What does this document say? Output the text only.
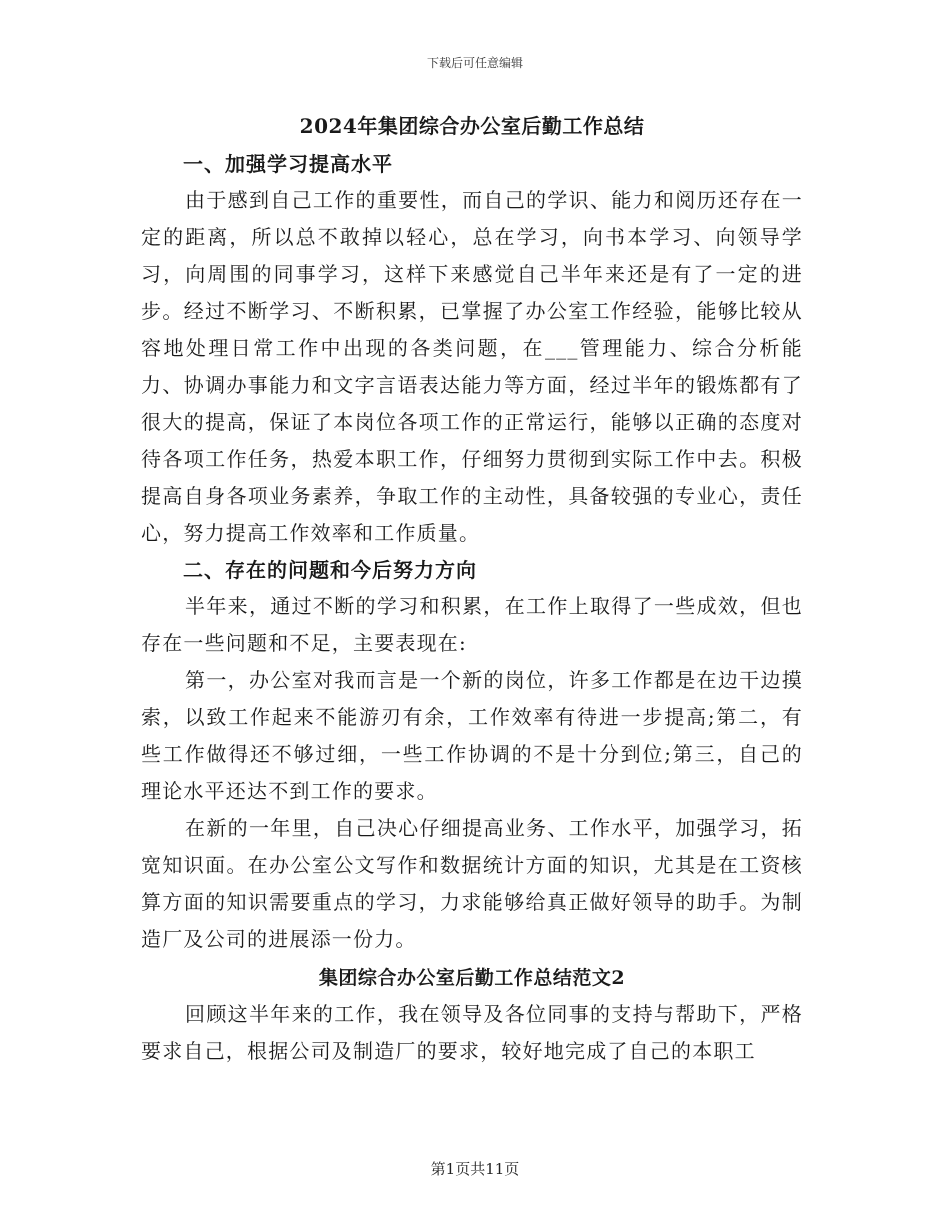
下载后可任意编辑
2024年集团综合办公室后勤工作总结

一、加强学习提高水平

由于感到自己工作的重要性，而自己的学识、能力和阅历还存在一定的距离，所以总不敢掉以轻心，总在学习，向书本学习、向领导学习，向周围的同事学习，这样下来感觉自己半年来还是有了一定的进步。经过不断学习、不断积累，已掌握了办公室工作经验，能够比较从容地处理日常工作中出现的各类问题，在___管理能力、综合分析能力、协调办事能力和文字言语表达能力等方面，经过半年的锻炼都有了很大的提高，保证了本岗位各项工作的正常运行，能够以正确的态度对待各项工作任务，热爱本职工作，仔细努力贯彻到实际工作中去。积极提高自身各项业务素养，争取工作的主动性，具备较强的专业心，责任心，努力提高工作效率和工作质量。

二、存在的问题和今后努力方向

半年来，通过不断的学习和积累，在工作上取得了一些成效，但也存在一些问题和不足，主要表现在:

第一，办公室对我而言是一个新的岗位，许多工作都是在边干边摸索，以致工作起来不能游刃有余，工作效率有待进一步提高;第二，有些工作做得还不够过细，一些工作协调的不是十分到位;第三，自己的理论水平还达不到工作的要求。

在新的一年里，自己决心仔细提高业务、工作水平，加强学习，拓宽知识面。在办公室公文写作和数据统计方面的知识，尤其是在工资核算方面的知识需要重点的学习，力求能够给真正做好领导的助手。为制造厂及公司的进展添一份力。

集团综合办公室后勤工作总结范文2

回顾这半年来的工作，我在领导及各位同事的支持与帮助下，严格要求自己，根据公司及制造厂的要求，较好地完成了自己的本职工

第1页共11页
